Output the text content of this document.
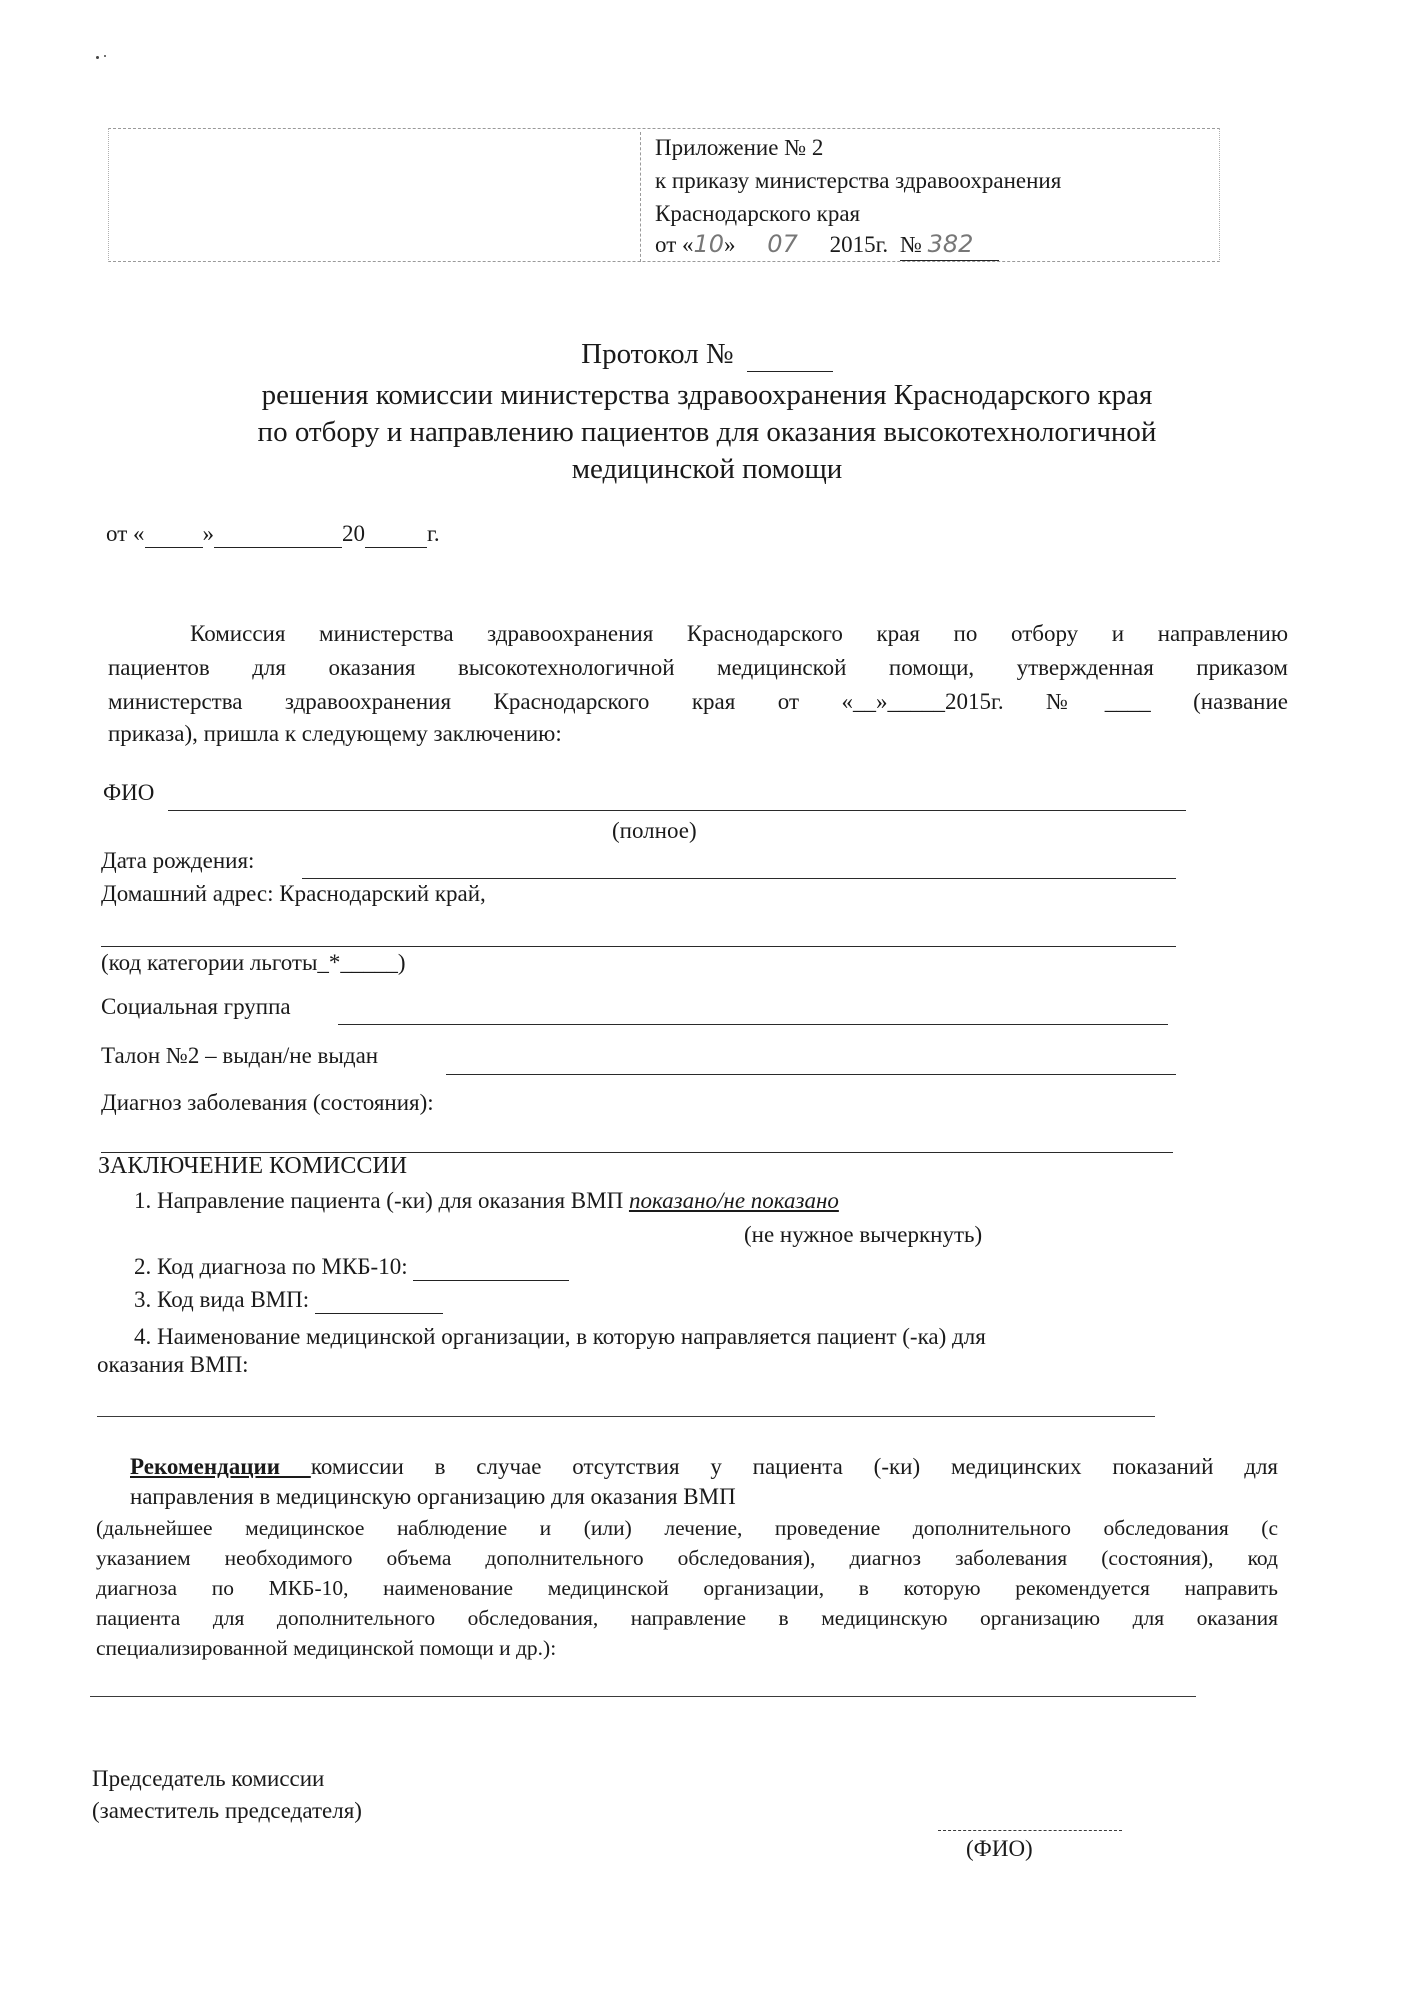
Приложение № 2
к приказу министерства здравоохранения
Краснодарского края
от «10» 07 2015г. № 382
Протокол №
решения комиссии министерства здравоохранения Краснодарского края
по отбору и направлению пациентов для оказания высокотехнологичной
медицинской помощи
от «	»	20	г.
Комиссия министерства здравоохранения Краснодарского края по отбору и направлению
пациентов для оказания высокотехнологичной медицинской помощи, утвержденная приказом
министерства здравоохранения Краснодарского края от «__»_____2015г. №____ (название
приказа), пришла к следующему заключению:
ФИО
(полное)
Дата рождения:
Домашний адрес: Краснодарский край,
(код категории льготы_*_____)
Социальная группа
Талон №2 – выдан/не выдан
Диагноз заболевания (состояния):
ЗАКЛЮЧЕНИЕ КОМИССИИ
1. Направление пациента (-ки) для оказания ВМП показано/не показано
(не нужное вычеркнуть)
2. Код диагноза по МКБ-10:
3. Код вида ВМП:
4. Наименование медицинской организации, в которую направляется пациент (-ка) для
оказания ВМП:
Рекомендации комиссии в случае отсутствия у пациента (-ки) медицинских показаний для
направления в медицинскую организацию для оказания ВМП
(дальнейшее медицинское наблюдение и (или) лечение, проведение дополнительного обследования (с
указанием необходимого объема дополнительного обследования), диагноз заболевания (состояния), код
диагноза по МКБ-10, наименование медицинской организации, в которую рекомендуется направить
пациента для дополнительного обследования, направление в медицинскую организацию для оказания
специализированной медицинской помощи и др.):
Председатель комиссии
(заместитель председателя)
(ФИО)
